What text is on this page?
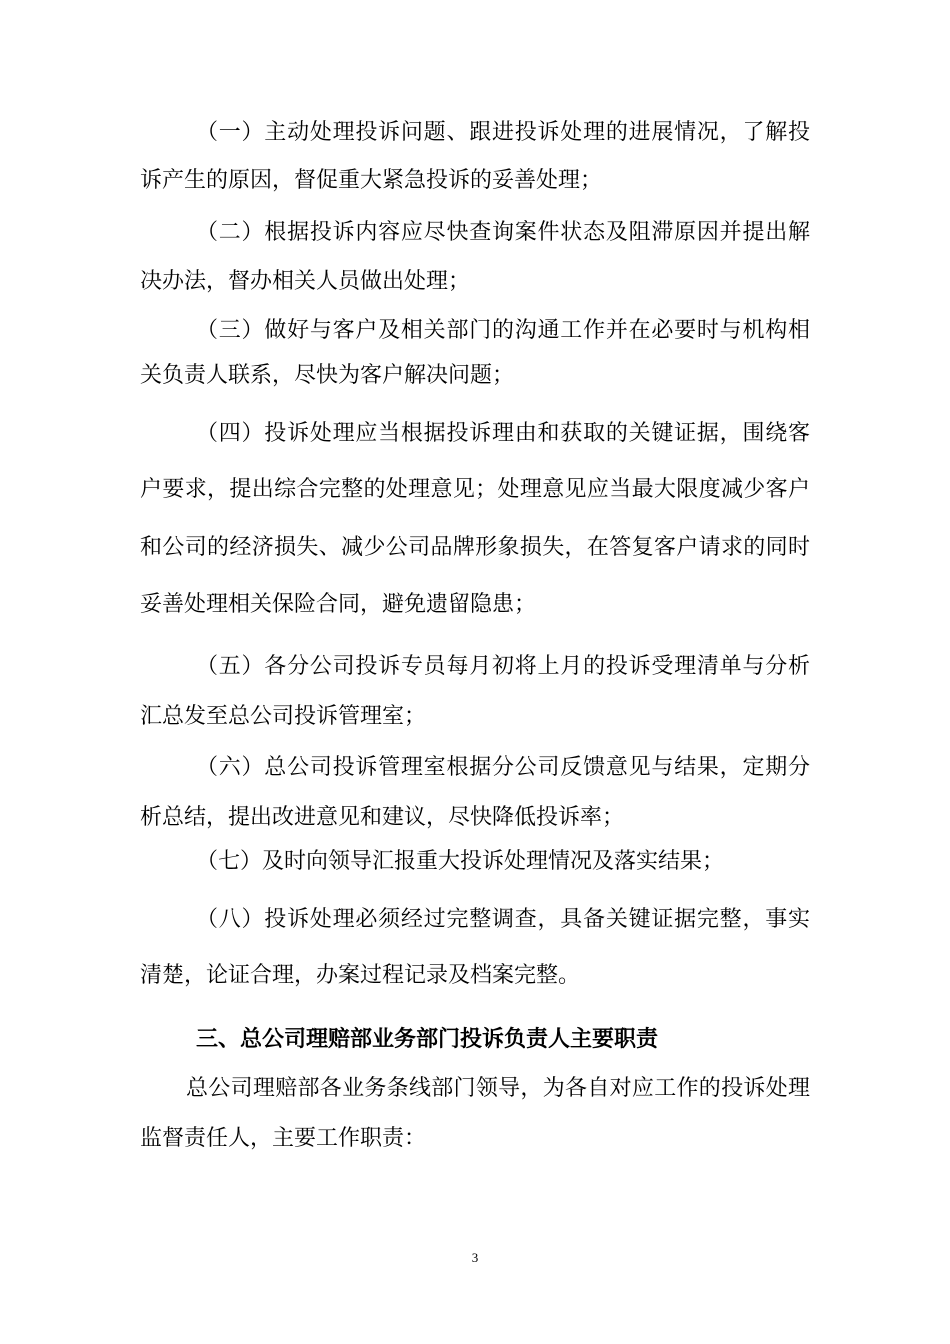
（一）主动处理投诉问题、跟进投诉处理的进展情况，了解投
诉产生的原因，督促重大紧急投诉的妥善处理；
（二）根据投诉内容应尽快查询案件状态及阻滞原因并提出解
决办法，督办相关人员做出处理；
（三）做好与客户及相关部门的沟通工作并在必要时与机构相
关负责人联系，尽快为客户解决问题；
（四）投诉处理应当根据投诉理由和获取的关键证据，围绕客
户要求，提出综合完整的处理意见；处理意见应当最大限度减少客户
和公司的经济损失、减少公司品牌形象损失，在答复客户请求的同时
妥善处理相关保险合同，避免遗留隐患；
（五）各分公司投诉专员每月初将上月的投诉受理清单与分析
汇总发至总公司投诉管理室；
（六）总公司投诉管理室根据分公司反馈意见与结果，定期分
析总结，提出改进意见和建议，尽快降低投诉率；
（七）及时向领导汇报重大投诉处理情况及落实结果；
（八）投诉处理必须经过完整调查，具备关键证据完整，事实
清楚，论证合理，办案过程记录及档案完整。
三、总公司理赔部业务部门投诉负责人主要职责
总公司理赔部各业务条线部门领导，为各自对应工作的投诉处理
监督责任人，主要工作职责：
3
